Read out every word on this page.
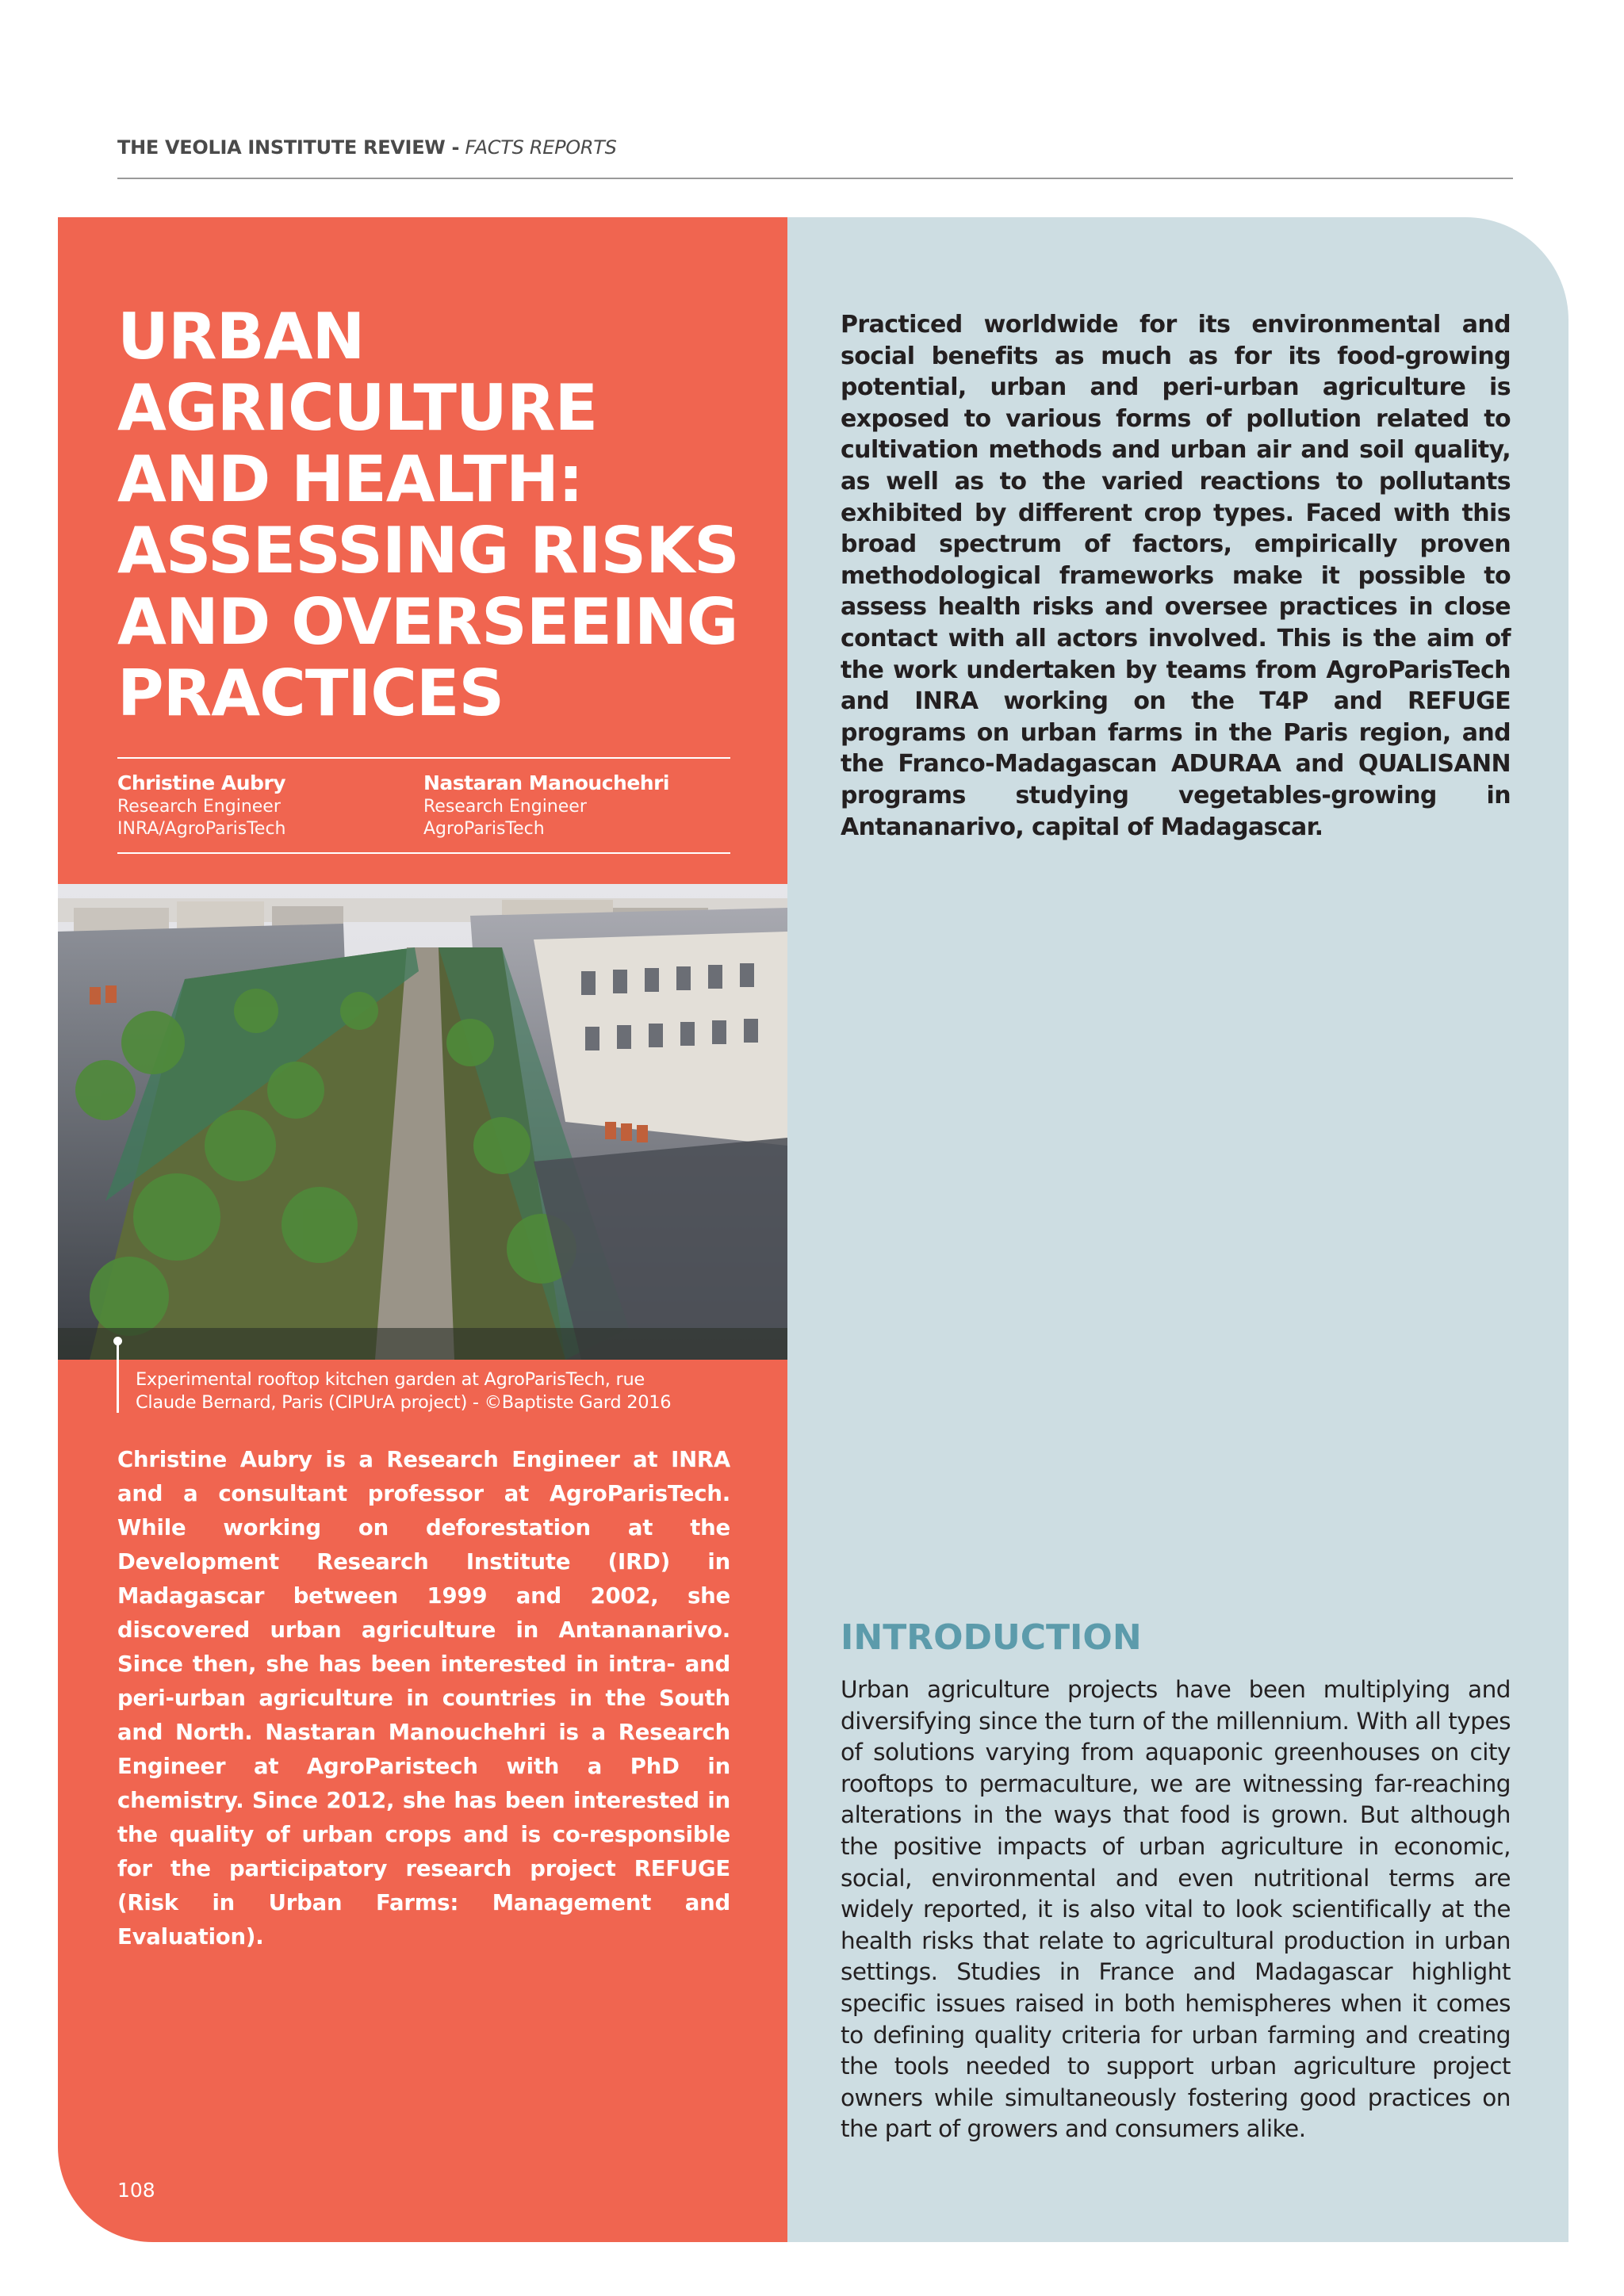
THE VEOLIA INSTITUTE REVIEW - FACTS REPORTS
URBAN
AGRICULTURE
AND HEALTH:
ASSESSING RISKS
AND OVERSEEING
PRACTICES
Christine Aubry
Research Engineer
INRA/AgroParisTech
Nastaran Manouchehri
Research Engineer
AgroParisTech
Experimental rooftop kitchen garden at AgroParisTech, rue
Claude Bernard, Paris (CIPUrA project) - ©Baptiste Gard 2016

Christine Aubry is a Research Engineer at INRA and a consultant professor at AgroParisTech. While working on deforestation at the Development Research Institute (IRD) in Madagascar between 1999 and 2002, she discovered urban agriculture in Antananarivo. Since then, she has been interested in intra- and peri-urban agriculture in countries in the South and North. Nastaran Manouchehri is a Research Engineer at AgroParistech with a PhD in chemistry. Since 2012, she has been interested in the quality of urban crops and is co-responsible for the participatory research project REFUGE (Risk in Urban Farms: Management and Evaluation).

Practiced worldwide for its environmental and social benefits as much as for its food-growing potential, urban and peri-urban agriculture is exposed to various forms of pollution related to cultivation methods and urban air and soil quality, as well as to the varied reactions to pollutants exhibited by different crop types. Faced with this broad spectrum of factors, empirically proven methodological frameworks make it possible to assess health risks and oversee practices in close contact with all actors involved. This is the aim of the work undertaken by teams from AgroParisTech and INRA working on the T4P and REFUGE programs on urban farms in the Paris region, and the Franco-Madagascan ADURAA and QUALISANN programs studying vegetables-growing in Antananarivo, capital of Madagascar.

INTRODUCTION

Urban agriculture projects have been multiplying and diversifying since the turn of the millennium. With all types of solutions varying from aquaponic greenhouses on city rooftops to permaculture, we are witnessing far-reaching alterations in the ways that food is grown. But although the positive impacts of urban agriculture in economic, social, environmental and even nutritional terms are widely reported, it is also vital to look scientifically at the health risks that relate to agricultural production in urban settings. Studies in France and Madagascar highlight specific issues raised in both hemispheres when it comes to defining quality criteria for urban farming and creating the tools needed to support urban agriculture project owners while simultaneously fostering good practices on the part of growers and consumers alike.

108
